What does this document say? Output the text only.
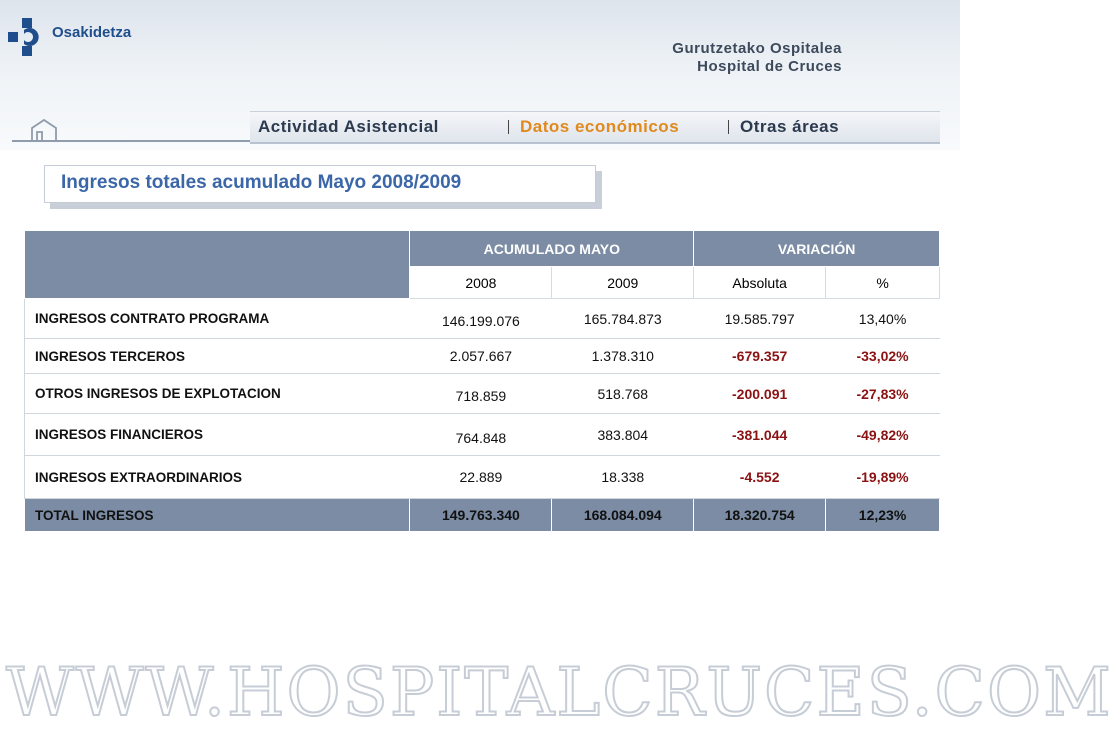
Osakidetza
Gurutzetako Ospitalea
Hospital de Cruces
Actividad Asistencial	Datos económicos	Otras áreas
Ingresos totales acumulado Mayo 2008/2009
	ACUMULADO MAYO		VARIACIÓN	
	2008	2009	Absoluta	%
INGRESOS CONTRATO PROGRAMA	146.199.076	165.784.873	19.585.797	13,40%
INGRESOS TERCEROS	2.057.667	1.378.310	-679.357	-33,02%
OTROS INGRESOS DE EXPLOTACION	718.859	518.768	-200.091	-27,83%
INGRESOS FINANCIEROS	764.848	383.804	-381.044	-49,82%
INGRESOS EXTRAORDINARIOS	22.889	18.338	-4.552	-19,89%
TOTAL INGRESOS	149.763.340	168.084.094	18.320.754	12,23%
WWW.HOSPITALCRUCES.COM
